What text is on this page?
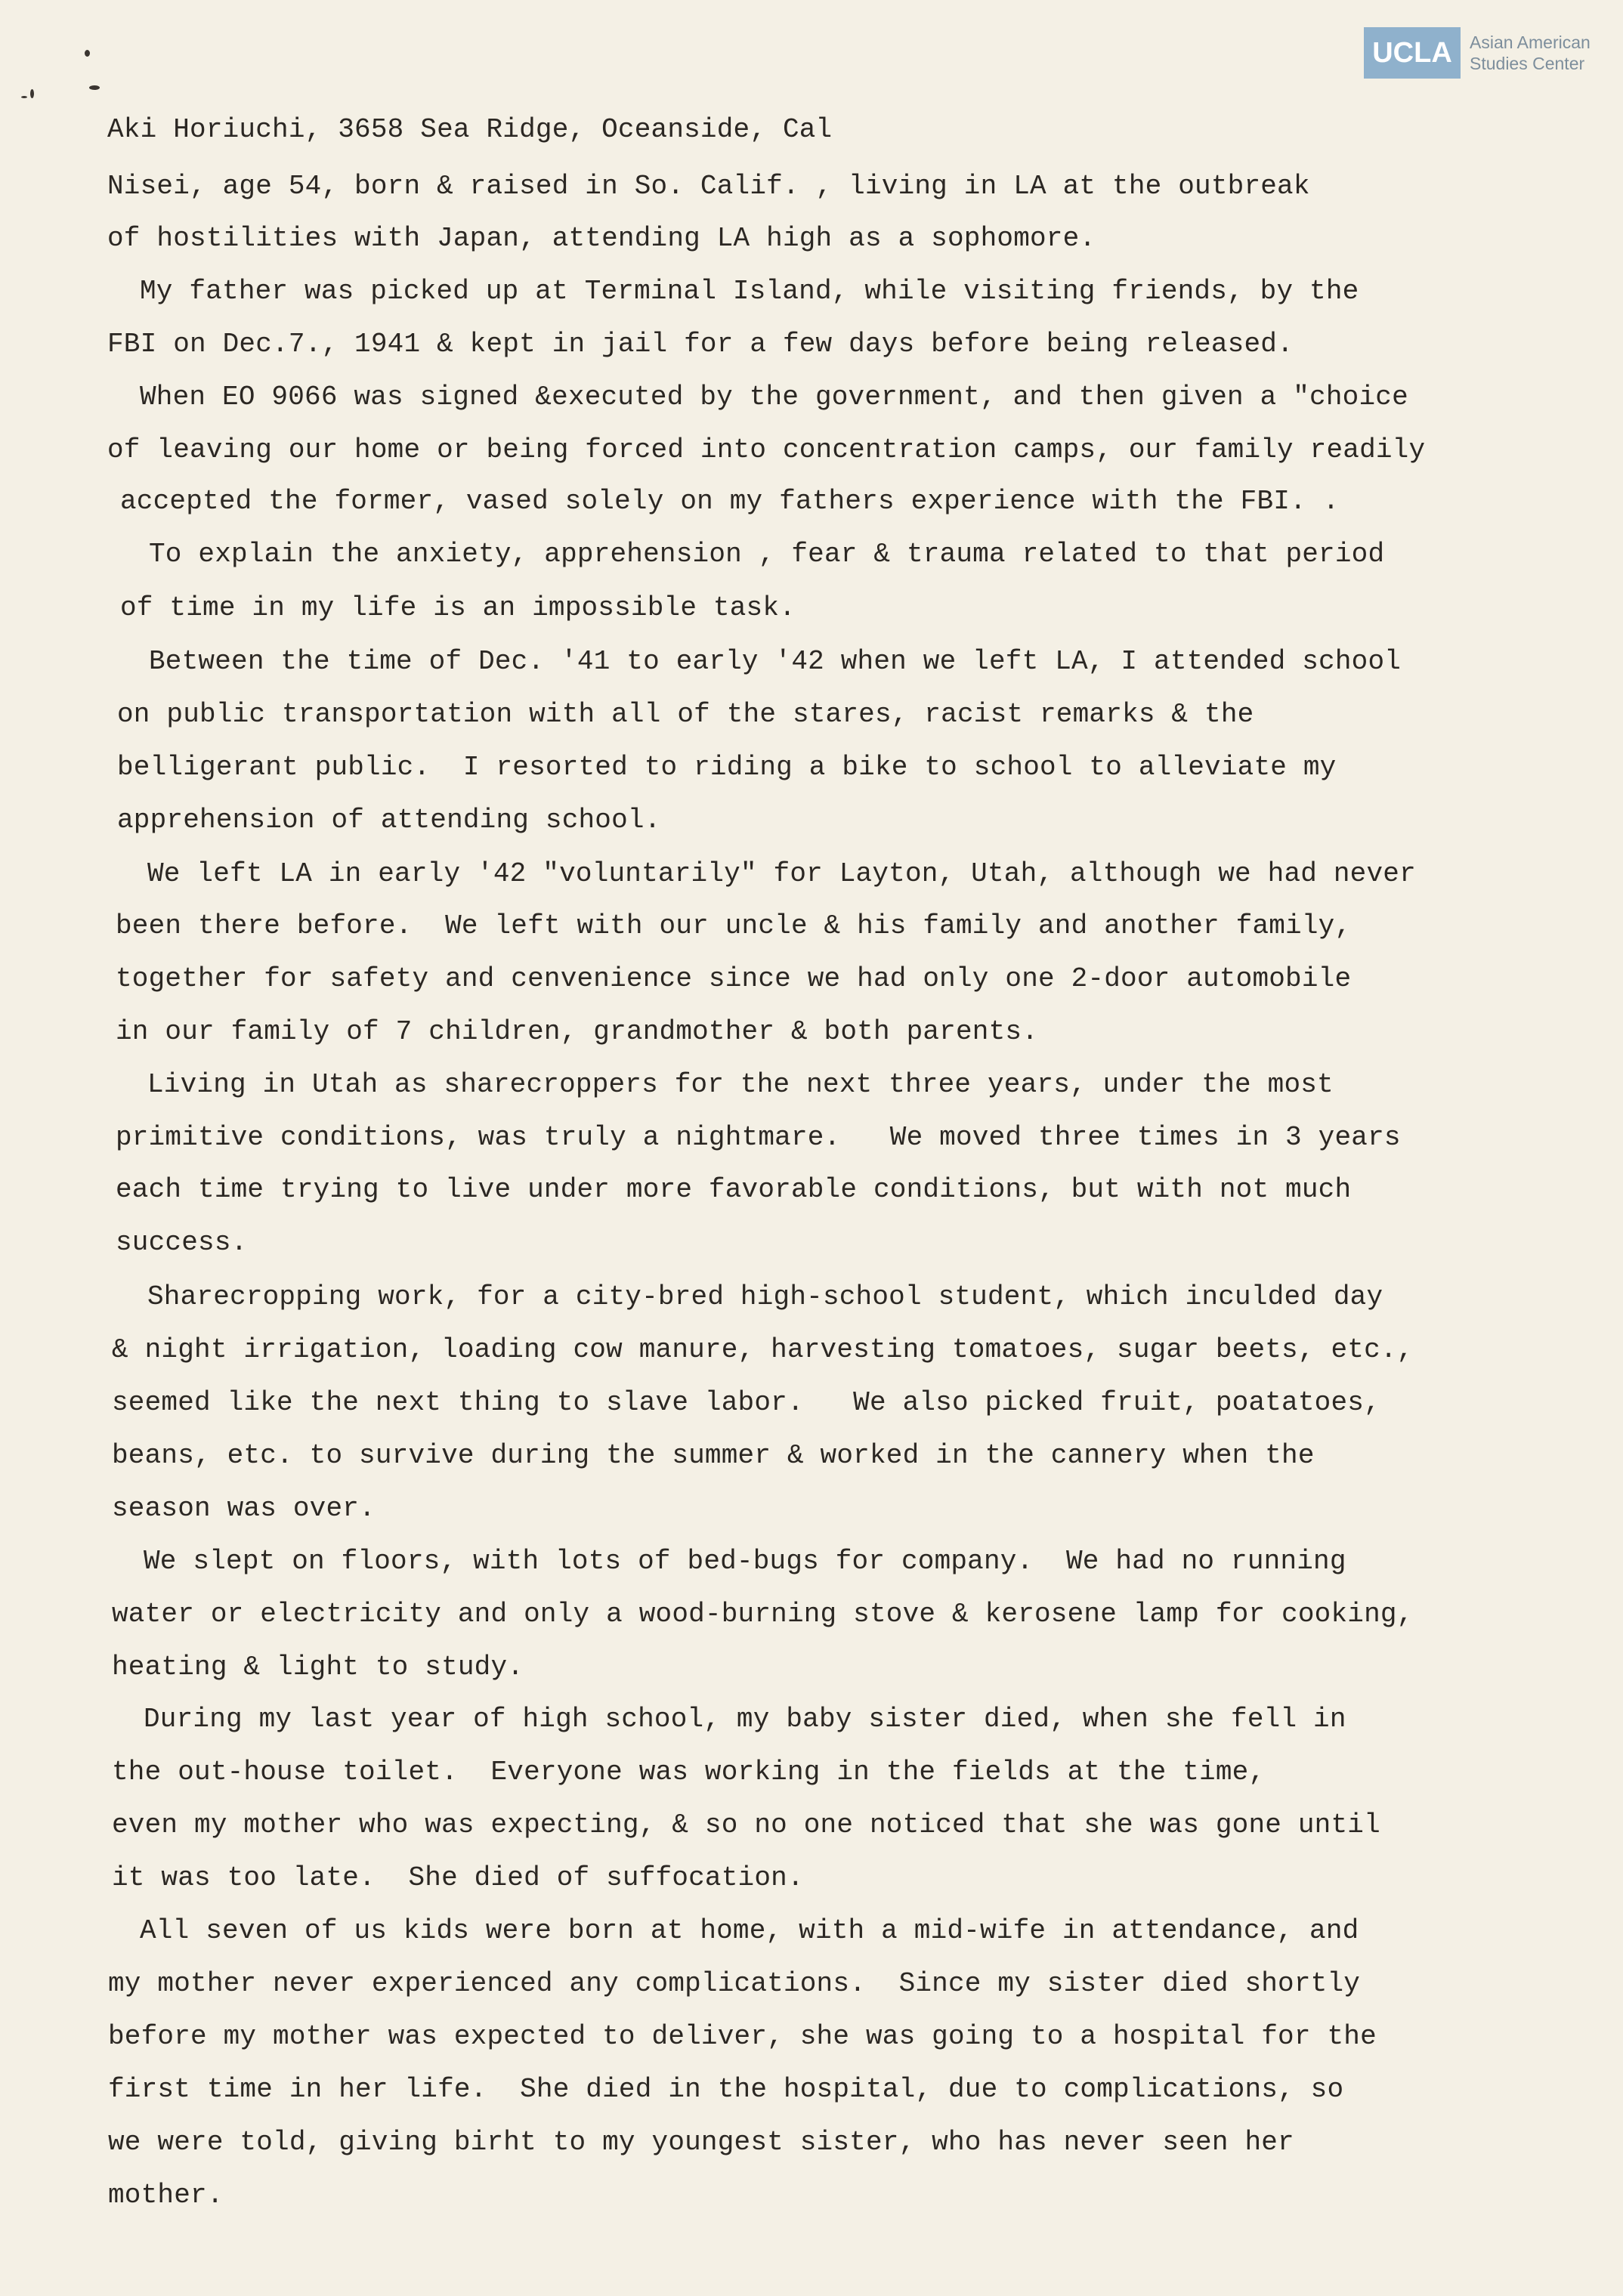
UCLA	Asian American
Studies Center
Aki Horiuchi, 3658 Sea Ridge, Oceanside, Cal
Nisei, age 54, born & raised in So. Calif. , living in LA at the outbreak
of hostilities with Japan, attending LA high as a sophomore.
My father was picked up at Terminal Island, while visiting friends, by the
FBI on Dec.7., 1941 & kept in jail for a few days before being released.
When EO 9066 was signed &executed by the government, and then given a "choice
of leaving our home or being forced into concentration camps, our family readily
accepted the former, vased solely on my fathers experience with the FBI. .
To explain the anxiety, apprehension , fear & trauma related to that period
of time in my life is an impossible task.
Between the time of Dec. '41 to early '42 when we left LA, I attended school
on public transportation with all of the stares, racist remarks & the
belligerant public.  I resorted to riding a bike to school to alleviate my
apprehension of attending school.
We left LA in early '42 "voluntarily" for Layton, Utah, although we had never
been there before.  We left with our uncle & his family and another family,
together for safety and cenvenience since we had only one 2-door automobile
in our family of 7 children, grandmother & both parents.
Living in Utah as sharecroppers for the next three years, under the most
primitive conditions, was truly a nightmare.   We moved three times in 3 years
each time trying to live under more favorable conditions, but with not much
success.
Sharecropping work, for a city-bred high-school student, which inculded day
& night irrigation, loading cow manure, harvesting tomatoes, sugar beets, etc.,
seemed like the next thing to slave labor.   We also picked fruit, poatatoes,
beans, etc. to survive during the summer & worked in the cannery when the
season was over.
We slept on floors, with lots of bed-bugs for company.  We had no running
water or electricity and only a wood-burning stove & kerosene lamp for cooking,
heating & light to study.
During my last year of high school, my baby sister died, when she fell in
the out-house toilet.  Everyone was working in the fields at the time,
even my mother who was expecting, & so no one noticed that she was gone until
it was too late.  She died of suffocation.
All seven of us kids were born at home, with a mid-wife in attendance, and
my mother never experienced any complications.  Since my sister died shortly
before my mother was expected to deliver, she was going to a hospital for the
first time in her life.  She died in the hospital, due to complications, so
we were told, giving birht to my youngest sister, who has never seen her
mother.
